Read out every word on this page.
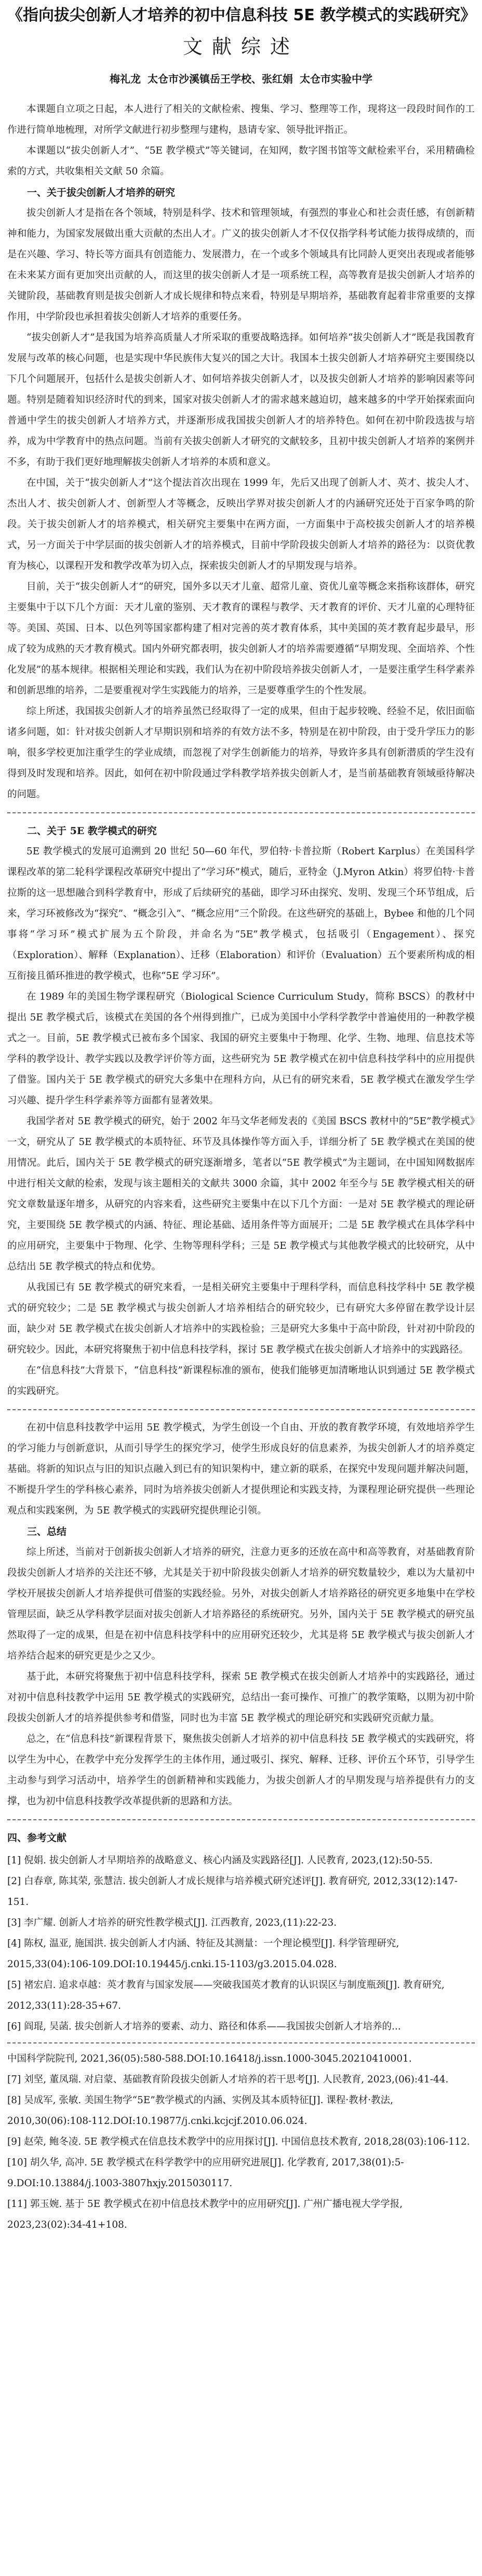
《指向拔尖创新人才培养的初中信息科技 5E 教学模式的实践研究》
文献综述
梅礼龙 太仓市沙溪镇岳王学校、张红娟 太仓市实验中学

本课题自立项之日起，本人进行了相关的文献检索、搜集、学习、整理等工作，现将这一段段时间作的工作进行简单地梳理，对所学文献进行初步整理与建构，恳请专家、领导批评指正。

本课题以“拔尖创新人才”、“5E 教学模式”等关键词，在知网，数字图书馆等文献检索平台，采用精确检索的方式，共收集相关文献 50 余篇。

一、关于拔尖创新人才培养的研究

拔尖创新人才是指在各个领域，特别是科学、技术和管理领域，有强烈的事业心和社会责任感，有创新精神和能力，为国家发展做出重大贡献的杰出人才。广义的拔尖创新人才不仅仅指学科考试能力拔得成绩的，而是在兴趣、学习、特长等方面具有创造能力、发展潜力，在一个或多个领域具有比同龄人更突出表现或者能够在未来某方面有更加突出贡献的人，而这里的拔尖创新人才是一项系统工程，高等教育是拔尖创新人才培养的关键阶段，基础教育则是拔尖创新人才成长规律和特点来看，特别是早期培养，基础教育起着非常重要的支撑作用，中学阶段也承担着拔尖创新人才培养的重要任务。

“拔尖创新人才”是我国为培养高质量人才所采取的重要战略选择。如何培养“拔尖创新人才”既是我国教育发展与改革的核心问题，也是实现中华民族伟大复兴的国之大计。我国本土拔尖创新人才培养研究主要围绕以下几个问题展开，包括什么是拔尖创新人才、如何培养拔尖创新人才，以及拔尖创新人才培养的影响因素等问题。特别是随着知识经济时代的到来，国家对拔尖创新人才的需求越来越迫切，越来越多的中学开始探索面向普通中学生的拔尖创新人才培养方式，并逐渐形成我国拔尖创新人才的培养特色。如何在初中阶段选拔与培养，成为中学教育中的热点问题。当前有关拔尖创新人才研究的文献较多，且初中拔尖创新人才培养的案例并不多，有助于我们更好地理解拔尖创新人才培养的本质和意义。

在中国，关于“拔尖创新人才”这个提法首次出现在 1999 年，先后又出现了创新人才、英才、拔尖人才、杰出人才、拔尖创新人才、创新型人才等概念，反映出学界对拔尖创新人才的内涵研究还处于百家争鸣的阶段。关于拔尖创新人才的培养模式，相关研究主要集中在两方面，一方面集中于高校拔尖创新人才的培养模式，另一方面关于中学层面的拔尖创新人才的培养模式，目前中学阶段拔尖创新人才培养的路径为：以资优教育为核心，以课程开发和教学改革为切入点，探索拔尖创新人才的早期发现与培养。

目前，关于“拔尖创新人才”的研究，国外多以天才儿童、超常儿童、资优儿童等概念来指称该群体，研究主要集中于以下几个方面：天才儿童的鉴别、天才教育的课程与教学、天才教育的评价、天才儿童的心理特征等。美国、英国、日本、以色列等国家都构建了相对完善的英才教育体系，其中美国的英才教育起步最早，形成了较为成熟的天才教育模式。国内外研究都表明，拔尖创新人才的培养需要遵循“早期发现、全面培养、个性化发展”的基本规律。根据相关理论和实践，我们认为在初中阶段培养拔尖创新人才，一是要注重学生科学素养和创新思维的培养，二是要重视对学生实践能力的培养，三是要尊重学生的个性发展。

综上所述，我国拔尖创新人才的培养虽然已经取得了一定的成果，但由于起步较晚、经验不足，依旧面临诸多问题，如：针对拔尖创新人才早期识别和培养的有效方法不多，特别是在初中阶段，由于受升学压力的影响，很多学校更加注重学生的学业成绩，而忽视了对学生创新能力的培养，导致许多具有创新潜质的学生没有得到及时发现和培养。因此，如何在初中阶段通过学科教学培养拔尖创新人才，是当前基础教育领域亟待解决的问题。

二、关于 5E 教学模式的研究

5E 教学模式的发展可追溯到 20 世纪 50—60 年代，罗伯特·卡普拉斯（Robert Karplus）在美国科学课程改革的第二轮科学课程改革研究中提出了“学习环”模式，随后，亚特金（J.Myron Atkin）将罗伯特·卡普拉斯的这一思想融合到科学教育中，形成了后续研究的基础，即学习环由探究、发明、发现三个环节组成，后来，学习环被修改为“探究”、“概念引入”、“概念应用”三个阶段。在这些研究的基础上，Bybee 和他的几个同事将“学习环”模式扩展为五个阶段，并命名为“5E”教学模式，包括吸引（Engagement）、探究（Exploration）、解释（Explanation）、迁移（Elaboration）和评价（Evaluation）五个要素所构成的相互衔接且循环推进的教学模式，也称“5E 学习环”。

在 1989 年的美国生物学课程研究（Biological Science Curriculum Study，简称 BSCS）的教材中提出 5E 教学模式后，该模式在美国的各个州得到推广，已成为美国中小学科学教学中普遍使用的一种教学模式之一。目前，5E 教学模式已被布多个国家、我国的研究主要集中于物理、化学、生物、地理、信息技术等学科的教学设计、教学实践以及教学评价等方面，这些研究为 5E 教学模式在初中信息科技学科中的应用提供了借鉴。国内关于 5E 教学模式的研究大多集中在理科方向，从已有的研究来看，5E 教学模式在激发学生学习兴趣、提升学生科学素养等方面都有显著效果。

我国学者对 5E 教学模式的研究，始于 2002 年马文华老师发表的《美国 BSCS 教材中的“5E”教学模式》一文，研究从了 5E 教学模式的本质特征、环节及具体操作等方面入手，详细分析了 5E 教学模式在美国的使用情况。此后，国内关于 5E 教学模式的研究逐渐增多，笔者以“5E 教学模式”为主题词，在中国知网数据库中进行相关文献的检索，发现与该主题相关的文献共 3000 余篇，其中 2002 年至今与 5E 教学模式相关的研究文章数量逐年增多，从研究的内容来看，这些研究主要集中在以下几个方面：一是对 5E 教学模式的理论研究，主要围绕 5E 教学模式的内涵、特征、理论基础、适用条件等方面展开；二是 5E 教学模式在具体学科中的应用研究，主要集中于物理、化学、生物等理科学科；三是 5E 教学模式与其他教学模式的比较研究，从中总结出 5E 教学模式的特点和优势。

从我国已有 5E 教学模式的研究来看，一是相关研究主要集中于理科学科，而信息科技学科中 5E 教学模式的研究较少；二是 5E 教学模式与拔尖创新人才培养相结合的研究较少，已有研究大多停留在教学设计层面，缺少对 5E 教学模式在拔尖创新人才培养中的实践检验；三是研究大多集中于高中阶段，针对初中阶段的研究较少。因此，本研究将聚焦于初中信息科技学科，探讨 5E 教学模式在拔尖创新人才培养中的实践路径。

在“信息科技”大背景下，“信息科技”新课程标准的颁布，使我们能够更加清晰地认识到通过 5E 教学模式的实践研究。

在初中信息科技教学中运用 5E 教学模式，为学生创设一个自由、开放的教育教学环境，有效地培养学生的学习能力与创新意识，从而引导学生的探究学习，使学生形成良好的信息素养，为拔尖创新人才的培养奠定基础。将新的知识点与旧的知识点融入到已有的知识架构中，建立新的联系，在探究中发现问题并解决问题，不断提升学生的学科核心素养，同时为培养拔尖创新人才提供理论和实践支持，为课程理论研究提供一些理论观点和实践案例，为 5E 教学模式的实践研究提供理论引领。

三、总结

综上所述，当前对于创新拔尖创新人才培养的研究，注意力更多的还放在高中和高等教育，对基础教育阶段拔尖创新人才培养的关注还不够，尤其是关于初中阶段拔尖创新人才培养的研究数量较少，难以为大量初中学校开展拔尖创新人才培养提供可借鉴的实践经验。另外，对拔尖创新人才培养路径的研究更多地集中在学校管理层面，缺乏从学科教学层面对拔尖创新人才培养路径的系统研究。另外，国内关于 5E 教学模式的研究虽然取得了一定的成果，但是在初中信息科技学科中的应用研究还较少，尤其是将 5E 教学模式与拔尖创新人才培养结合起来的研究更是少之又少。

基于此，本研究将聚焦于初中信息科技学科，探索 5E 教学模式在拔尖创新人才培养中的实践路径，通过对初中信息科技教学中运用 5E 教学模式的实践研究，总结出一套可操作、可推广的教学策略，以期为初中阶段拔尖创新人才的培养提供参考和借鉴，同时也为丰富 5E 教学模式的理论研究和实践研究贡献力量。

总之，在“信息科技”新课程背景下，聚焦拔尖创新人才培养的初中信息科技 5E 教学模式的实践研究，将以学生为中心，在教学中充分发挥学生的主体作用，通过吸引、探究、解释、迁移、评价五个环节，引导学生主动参与到学习活动中，培养学生的创新精神和实践能力，为拔尖创新人才的早期发现与培养提供有力的支撑，也为初中信息科技教学改革提供新的思路和方法。

四、参考文献
[1] 倪娟. 拔尖创新人才早期培养的战略意义、核心内涵及实践路径[J]. 人民教育, 2023,(12):50-55.
[2] 白春章, 陈其荣, 张慧洁. 拔尖创新人才成长规律与培养模式研究述评[J]. 教育研究, 2012,33(12):147-151.
[3] 李广耀. 创新人才培养的研究性教学模式[J]. 江西教育, 2023,(11):22-23.
[4] 陈权, 温亚, 施国洪. 拔尖创新人才内涵、特征及其测量：一个理论模型[J]. 科学管理研究, 2015,33(04):106-109.DOI:10.19445/j.cnki.15-1103/g3.2015.04.028.
[5] 褚宏启. 追求卓越：英才教育与国家发展——突破我国英才教育的认识误区与制度瓶颈[J]. 教育研究, 2012,33(11):28-35+67.
[6] 阎琨, 吴菡. 拔尖创新人才培养的要素、动力、路径和体系——我国拔尖创新人才培养的...
中国科学院院刊, 2021,36(05):580-588.DOI:10.16418/j.issn.1000-3045.20210410001.
[7] 刘坚, 董凤瑞. 对启蒙、基础教育阶段拔尖创新人才培养的若干思考[J]. 人民教育, 2023,(06):41-44.
[8] 吴成军, 张敏. 美国生物学“5E”教学模式的内涵、实例及其本质特征[J]. 课程·教材·教法, 2010,30(06):108-112.DOI:10.19877/j.cnki.kcjcjf.2010.06.024.
[9] 赵荣, 鲍冬凌. 5E 教学模式在信息技术教学中的应用探讨[J]. 中国信息技术教育, 2018,28(03):106-112.
[10] 胡久华, 高冲. 5E 教学模式在科学教学中的应用研究进展[J]. 化学教育, 2017,38(01):5-9.DOI:10.13884/j.1003-3807hxjy.2015030117.
[11] 郭玉婉. 基于 5E 教学模式在初中信息技术教学中的应用研究[J]. 广州广播电视大学学报, 2023,23(02):34-41+108.
